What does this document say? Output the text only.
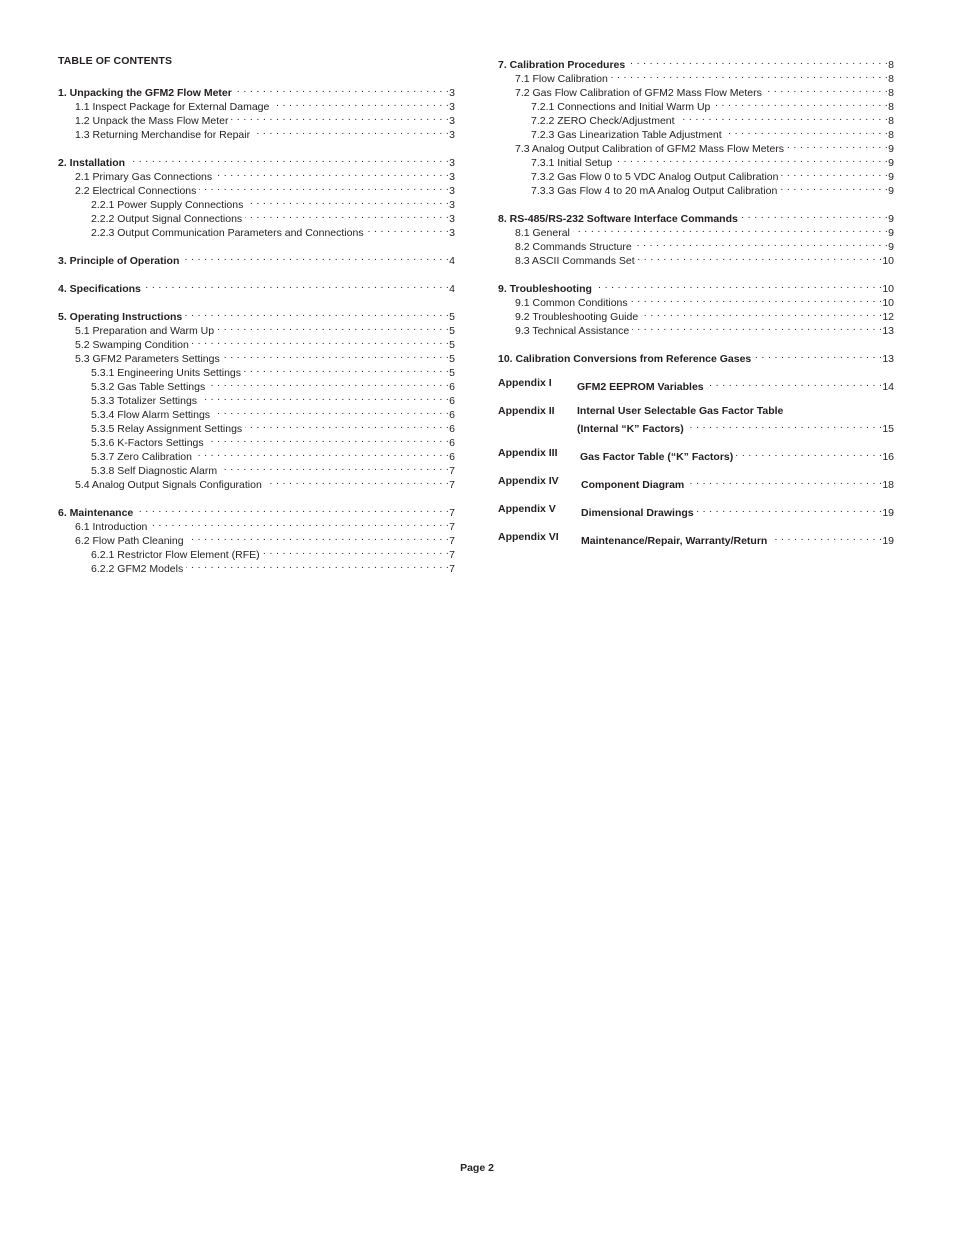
TABLE OF CONTENTS
1. Unpacking the GFM2 Flow Meter . . .	3
1.1 Inspect Package for External Damage . . .	3
1.2 Unpack the Mass Flow Meter . . .	3
1.3 Returning Merchandise for Repair . . .	3
2. Installation . . .	3
2.1 Primary Gas Connections . . .	3
2.2 Electrical Connections . . .	3
2.2.1 Power Supply Connections . . .	3
2.2.2 Output Signal Connections . . .	3
2.2.3 Output Communication Parameters and Connections . . .	3
3. Principle of Operation . . .	4
4. Specifications . . .	4
5. Operating Instructions . . .	5
5.1 Preparation and Warm Up . . .	5
5.2 Swamping Condition . . .	5
5.3 GFM2 Parameters Settings . . .	5
5.3.1 Engineering Units Settings . . .	5
5.3.2 Gas Table Settings . . .	6
5.3.3 Totalizer Settings . . .	6
5.3.4 Flow Alarm Settings . . .	6
5.3.5 Relay Assignment Settings . . .	6
5.3.6 K-Factors Settings . . .	6
5.3.7 Zero Calibration . . .	6
5.3.8 Self Diagnostic Alarm . . .	7
5.4 Analog Output Signals Configuration . . .	7
6. Maintenance . . .	7
6.1 Introduction . . .	7
6.2 Flow Path Cleaning . . .	7
6.2.1 Restrictor Flow Element (RFE) . . .	7
6.2.2 GFM2 Models . . .	7
7. Calibration Procedures . . .	8
7.1 Flow Calibration . . .	8
7.2 Gas Flow Calibration of GFM2 Mass Flow Meters . . .	8
7.2.1 Connections and Initial Warm Up . . .	8
7.2.2 ZERO Check/Adjustment . . .	8
7.2.3 Gas Linearization Table Adjustment . . .	8
7.3 Analog Output Calibration of GFM2 Mass Flow Meters . . .	9
7.3.1 Initial Setup . . .	9
7.3.2 Gas Flow 0 to 5 VDC Analog Output Calibration . . .	9
7.3.3 Gas Flow 4 to 20 mA Analog Output Calibration . . .	9
8. RS-485/RS-232 Software Interface Commands . . .	9
8.1 General . . .	9
8.2 Commands Structure . . .	9
8.3 ASCII Commands Set . . .	10
9. Troubleshooting . . .	10
9.1 Common Conditions . . .	10
9.2 Troubleshooting Guide . . .	12
9.3 Technical Assistance . . .	13
10. Calibration Conversions from Reference Gases . . .	13
Appendix I GFM2 EEPROM Variables . . .	14
Appendix II Internal User Selectable Gas Factor Table
(Internal “K” Factors) . . .	15
Appendix III Gas Factor Table (“K” Factors) . . .	16
Appendix IV Component Diagram . . .	18
Appendix V Dimensional Drawings . . .	19
Appendix VI Maintenance/Repair, Warranty/Return . . .	19
Page 2
